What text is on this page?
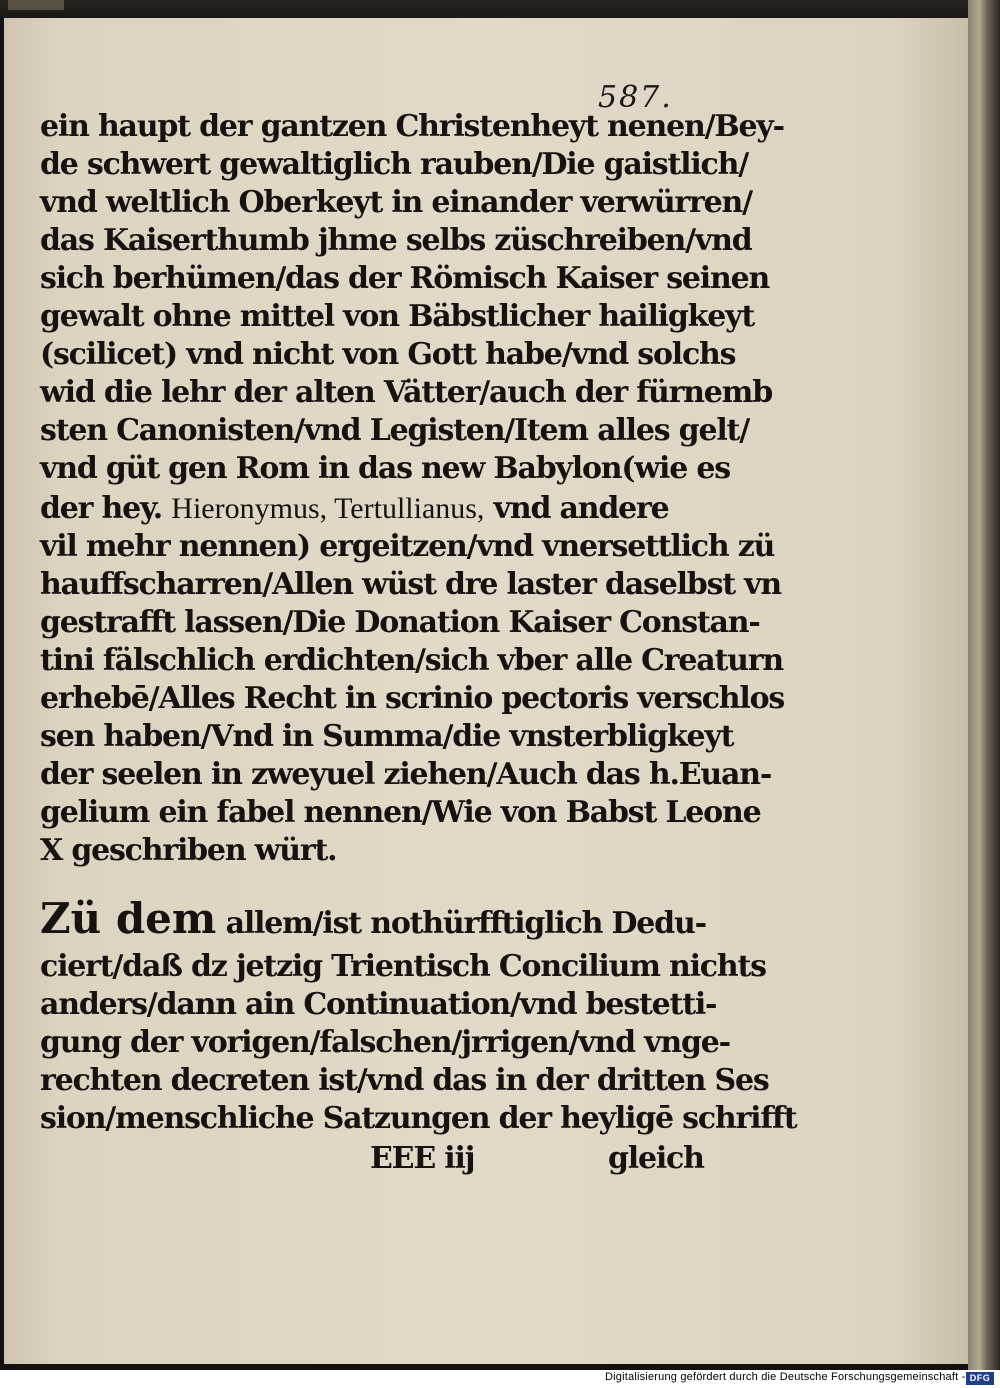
587.
ein haupt der gantzen Christenheyt nenen/Bey-
de schwert gewaltiglich rauben/Die gaistlich/
vnd weltlich Oberkeyt in einander verwürren/
das Kaiserthumb jhme selbs züschreiben/vnd
sich berhümen/das der Römisch Kaiser seinen
gewalt ohne mittel von Bäbstlicher hailigkeyt
(scilicet) vnd nicht von Gott habe/vnd solchs
wid die lehr der alten Vätter/auch der fürnemb
sten Canonisten/vnd Legisten/Item alles gelt/
vnd güt gen Rom in das new Babylon(wie es
der hey. Hieronymus, Tertullianus, vnd andere
vil mehr nennen) ergeitzen/vnd vnersettlich zü
hauffscharren/Allen wüst dre laster daselbst vn
gestrafft lassen/Die Donation Kaiser Constan-
tini fälschlich erdichten/sich vber alle Creaturn
erhebē/Alles Recht in scrinio pectoris verschlos
sen haben/Vnd in Summa/die vnsterbligkeyt
der seelen in zweyuel ziehen/Auch das h.Euan-
gelium ein fabel nennen/Wie von Babst Leone
X geschriben würt.
Zü dem allem/ist nothürfftiglich Dedu-
ciert/daß dz jetzig Trientisch Concilium nichts
anders/dann ain Continuation/vnd bestetti-
gung der vorigen/falschen/jrrigen/vnd vnge-
rechten decreten ist/vnd das in der dritten Ses
sion/menschliche Satzungen der heyligē schrifft
EEE iij	gleich
Digitalisierung gefördert durch die Deutsche Forschungsgemeinschaft - DFG
